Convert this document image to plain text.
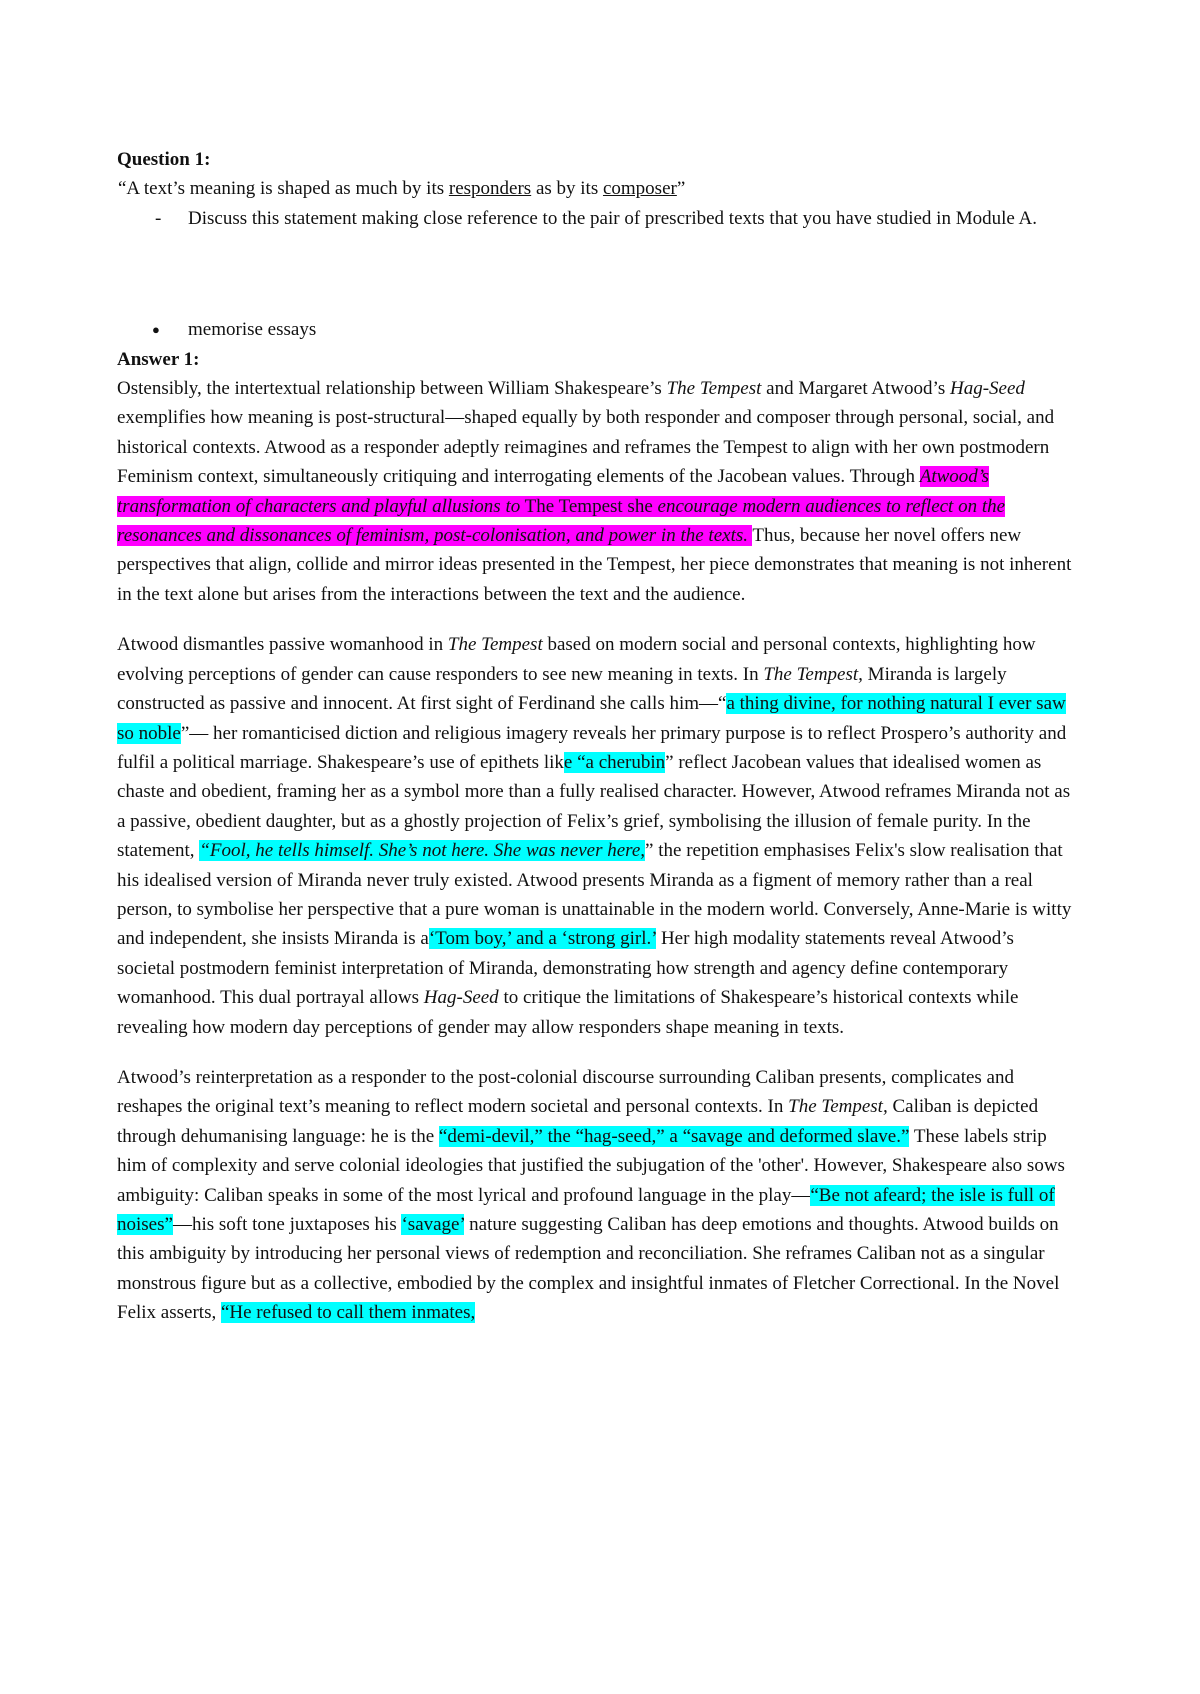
Question 1:

“A text’s meaning is shaped as much by its responders as by its composer”

-	Discuss this statement making close reference to the pair of prescribed texts that you have studied in Module A.
●	memorise essays

Answer 1:

Ostensibly, the intertextual relationship between William Shakespeare’s The Tempest and Margaret Atwood’s Hag-Seed exemplifies how meaning is post-structural—shaped equally by both responder and composer through personal, social, and historical contexts. Atwood as a responder adeptly reimagines and reframes the Tempest to align with her own postmodern Feminism context, simultaneously critiquing and interrogating elements of the Jacobean values. Through Atwood’s transformation of characters and playful allusions to The Tempest she encourage modern audiences to reflect on the resonances and dissonances of feminism, post-colonisation, and power in the texts. Thus, because her novel offers new perspectives that align, collide and mirror ideas presented in the Tempest, her piece demonstrates that meaning is not inherent in the text alone but arises from the interactions between the text and the audience.

Atwood dismantles passive womanhood in The Tempest based on modern social and personal contexts, highlighting how evolving perceptions of gender can cause responders to see new meaning in texts. In The Tempest, Miranda is largely constructed as passive and innocent. At first sight of Ferdinand she calls him—“a thing divine, for nothing natural I ever saw so noble”— her romanticised diction and religious imagery reveals her primary purpose is to reflect Prospero’s authority and fulfil a political marriage. Shakespeare’s use of epithets like “a cherubin” reflect Jacobean values that idealised women as chaste and obedient, framing her as a symbol more than a fully realised character. However, Atwood reframes Miranda not as a passive, obedient daughter, but as a ghostly projection of Felix’s grief, symbolising the illusion of female purity. In the statement, “Fool, he tells himself. She’s not here. She was never here,” the repetition emphasises Felix's slow realisation that his idealised version of Miranda never truly existed. Atwood presents Miranda as a figment of memory rather than a real person, to symbolise her perspective that a pure woman is unattainable in the modern world. Conversely, Anne-Marie is witty and independent, she insists Miranda is a‘Tom boy,’ and a ‘strong girl.’ Her high modality statements reveal Atwood’s societal postmodern feminist interpretation of Miranda, demonstrating how strength and agency define contemporary womanhood. This dual portrayal allows Hag-Seed to critique the limitations of Shakespeare’s historical contexts while revealing how modern day perceptions of gender may allow responders shape meaning in texts.

Atwood’s reinterpretation as a responder to the post-colonial discourse surrounding Caliban presents, complicates and reshapes the original text’s meaning to reflect modern societal and personal contexts. In The Tempest, Caliban is depicted through dehumanising language: he is the “demi-devil,” the “hag-seed,” a “savage and deformed slave.” These labels strip him of complexity and serve colonial ideologies that justified the subjugation of the 'other'. However, Shakespeare also sows ambiguity: Caliban speaks in some of the most lyrical and profound language in the play—“Be not afeard; the isle is full of noises”—his soft tone juxtaposes his ‘savage’ nature suggesting Caliban has deep emotions and thoughts. Atwood builds on this ambiguity by introducing her personal views of redemption and reconciliation. She reframes Caliban not as a singular monstrous figure but as a collective, embodied by the complex and insightful inmates of Fletcher Correctional. In the Novel Felix asserts, “He refused to call them inmates,
